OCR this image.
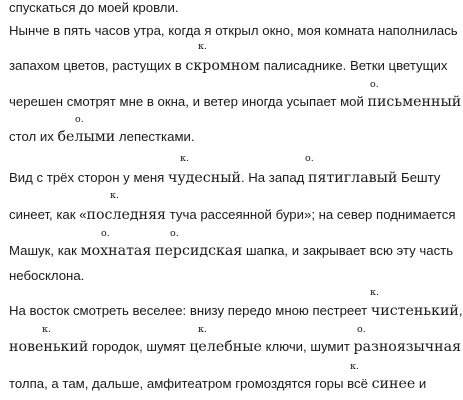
спускаться до моей кровли.
Нынче в пять часов утра, когда я открыл окно, моя комната наполнилась
к.
запахом цветов, растущих в скромном палисаднике. Ветки цветущих
о.
черешен смотрят мне в окна, и ветер иногда усыпает мой письменный
о.
стол их белыми лепестками.
к.	о.
Вид с трёх сторон у меня чудесный. На запад пятиглавый Бешту
к.
синеет, как «последняя туча рассеянной бури»; на север поднимается
о.	о.
Машук, как мохнатая персидская шапка, и закрывает всю эту часть
небосклона.
к.
На восток смотреть веселее: внизу передо мною пестреет чистенький,
к.	к.	о.
новенький городок, шумят целебные ключи, шумит разноязычная
к.
толпа, а там, дальше, амфитеатром громоздятся горы всё синее и
